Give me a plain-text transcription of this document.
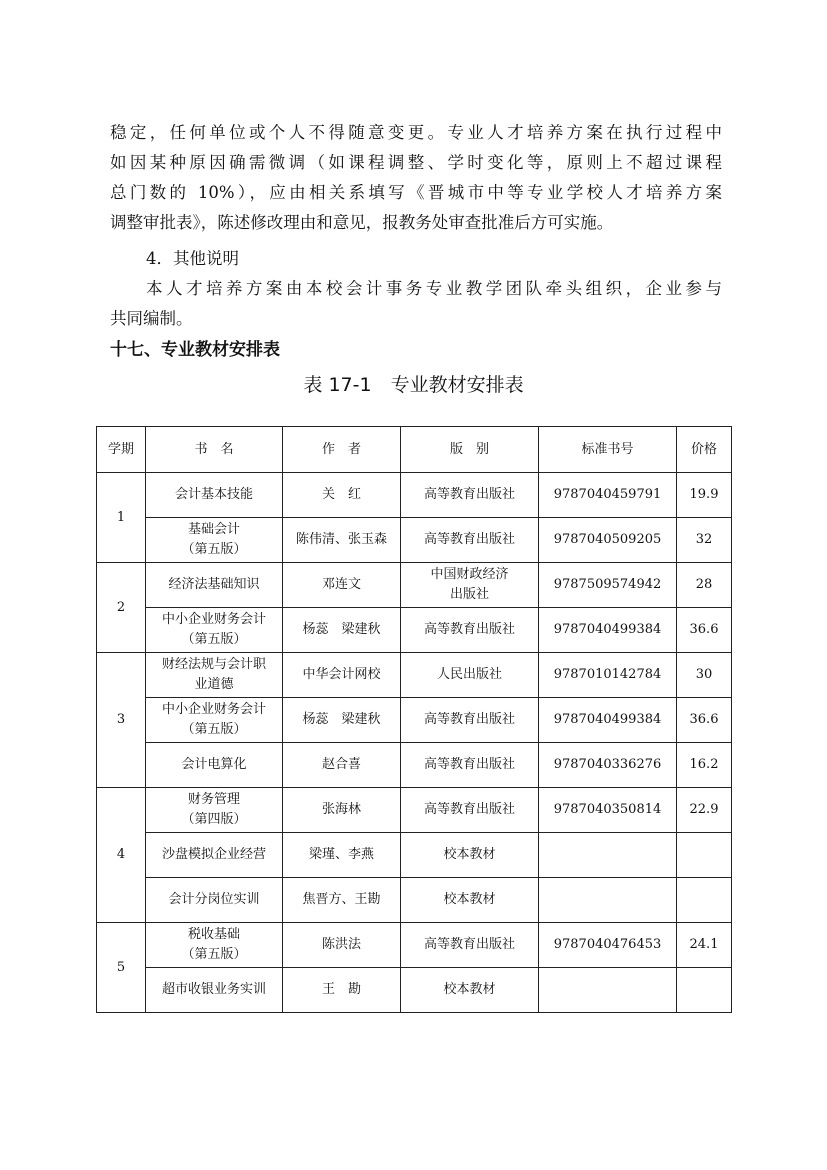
稳定，任何单位或个人不得随意变更。专业人才培养方案在执行过程中
如因某种原因确需微调（如课程调整、学时变化等，原则上不超过课程
总门数的 10%），应由相关系填写《晋城市中等专业学校人才培养方案
调整审批表》，陈述修改理由和意见，报教务处审查批准后方可实施。
4．其他说明
本人才培养方案由本校会计事务专业教学团队牵头组织，企业参与
共同编制。
十七、专业教材安排表
表 17-1　专业教材安排表
学期	书　名	作　者	版　别	标准书号	价格
1	会计基本技能	关　红	高等教育出版社	9787040459791	19.9
	基础会计
（第五版）	陈伟清、张玉森	高等教育出版社	9787040509205	32
2	经济法基础知识	邓连文	中国财政经济
出版社	9787509574942	28
	中小企业财务会计
（第五版）	杨蕊　梁建秋	高等教育出版社	9787040499384	36.6
3	财经法规与会计职
业道德	中华会计网校	人民出版社	9787010142784	30
	中小企业财务会计
（第五版）	杨蕊　梁建秋	高等教育出版社	9787040499384	36.6
	会计电算化	赵合喜	高等教育出版社	9787040336276	16.2
4	财务管理
（第四版）	张海林	高等教育出版社	9787040350814	22.9
	沙盘模拟企业经营	梁瑾、李燕	校本教材		
	会计分岗位实训	焦晋方、王勘	校本教材		
5	税收基础
（第五版）	陈洪法	高等教育出版社	9787040476453	24.1
	超市收银业务实训	王　勘	校本教材		
